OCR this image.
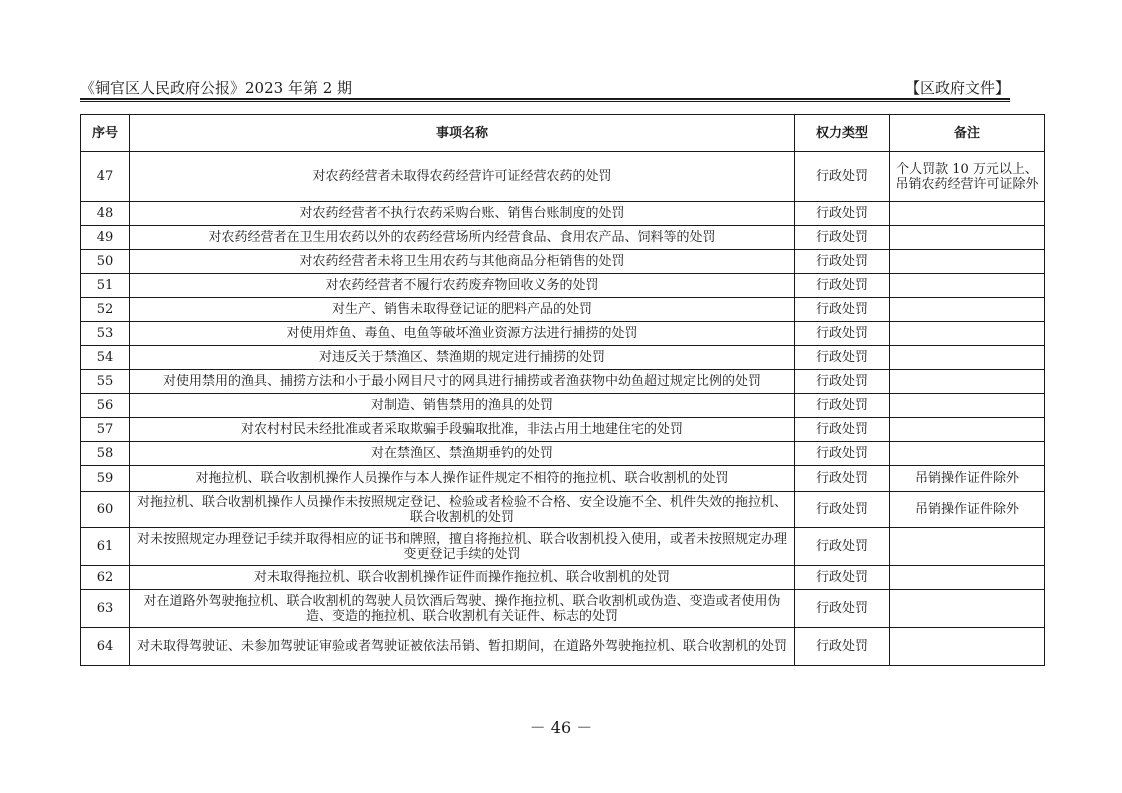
《铜官区人民政府公报》2023 年第 2 期	【区政府文件】
序号	事项名称	权力类型	备注
47	对农药经营者未取得农药经营许可证经营农药的处罚	行政处罚	个人罚款 10 万元以上、吊销农药经营许可证除外
48	对农药经营者不执行农药采购台账、销售台账制度的处罚	行政处罚	
49	对农药经营者在卫生用农药以外的农药经营场所内经营食品、食用农产品、饲料等的处罚	行政处罚	
50	对农药经营者未将卫生用农药与其他商品分柜销售的处罚	行政处罚	
51	对农药经营者不履行农药废弃物回收义务的处罚	行政处罚	
52	对生产、销售未取得登记证的肥料产品的处罚	行政处罚	
53	对使用炸鱼、毒鱼、电鱼等破坏渔业资源方法进行捕捞的处罚	行政处罚	
54	对违反关于禁渔区、禁渔期的规定进行捕捞的处罚	行政处罚	
55	对使用禁用的渔具、捕捞方法和小于最小网目尺寸的网具进行捕捞或者渔获物中幼鱼超过规定比例的处罚	行政处罚	
56	对制造、销售禁用的渔具的处罚	行政处罚	
57	对农村村民未经批准或者采取欺骗手段骗取批准，非法占用土地建住宅的处罚	行政处罚	
58	对在禁渔区、禁渔期垂钓的处罚	行政处罚	
59	对拖拉机、联合收割机操作人员操作与本人操作证件规定不相符的拖拉机、联合收割机的处罚	行政处罚	吊销操作证件除外
60	对拖拉机、联合收割机操作人员操作未按照规定登记、检验或者检验不合格、安全设施不全、机件失效的拖拉机、联合收割机的处罚	行政处罚	吊销操作证件除外
61	对未按照规定办理登记手续并取得相应的证书和牌照，擅自将拖拉机、联合收割机投入使用，或者未按照规定办理变更登记手续的处罚	行政处罚	
62	对未取得拖拉机、联合收割机操作证件而操作拖拉机、联合收割机的处罚	行政处罚	
63	对在道路外驾驶拖拉机、联合收割机的驾驶人员饮酒后驾驶、操作拖拉机、联合收割机或伪造、变造或者使用伪造、变造的拖拉机、联合收割机有关证件、标志的处罚	行政处罚	
64	对未取得驾驶证、未参加驾驶证审验或者驾驶证被依法吊销、暂扣期间，在道路外驾驶拖拉机、联合收割机的处罚	行政处罚	
－ 46 －
